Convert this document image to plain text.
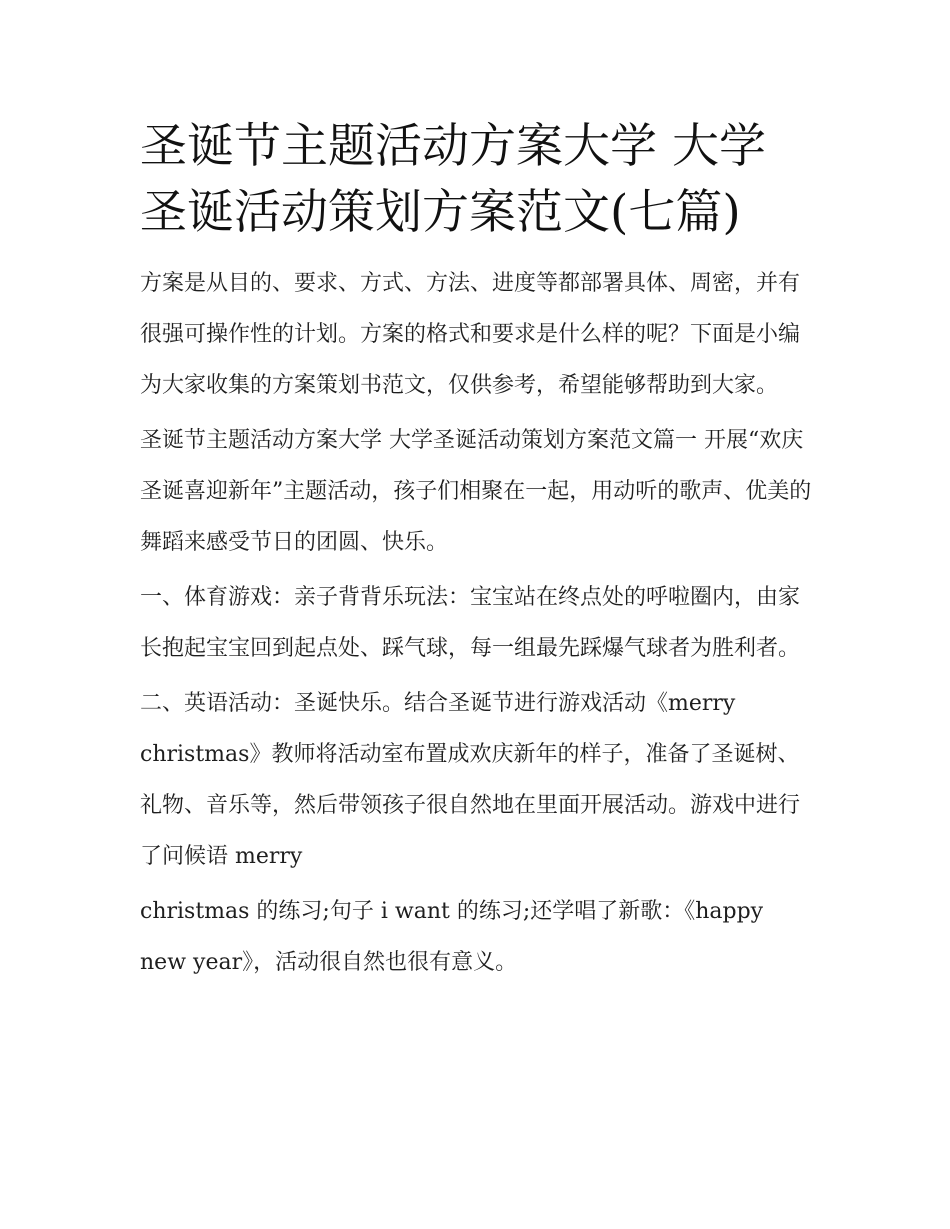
圣诞节主题活动方案大学 大学圣诞活动策划方案范文(七篇)

方案是从目的、要求、方式、方法、进度等都部署具体、周密，并有很强可操作性的计划。方案的格式和要求是什么样的呢？下面是小编为大家收集的方案策划书范文，仅供参考，希望能够帮助到大家。

圣诞节主题活动方案大学 大学圣诞活动策划方案范文篇一 开展“欢庆圣诞喜迎新年”主题活动，孩子们相聚在一起，用动听的歌声、优美的舞蹈来感受节日的团圆、快乐。

一、体育游戏：亲子背背乐玩法：宝宝站在终点处的呼啦圈内，由家长抱起宝宝回到起点处、踩气球，每一组最先踩爆气球者为胜利者。

二、英语活动：圣诞快乐。结合圣诞节进行游戏活动《merry christmas》教师将活动室布置成欢庆新年的样子，准备了圣诞树、礼物、音乐等，然后带领孩子很自然地在里面开展活动。游戏中进行了问候语 merry

christmas 的练习;句子 i want 的练习;还学唱了新歌：《happy new year》，活动很自然也很有意义。
